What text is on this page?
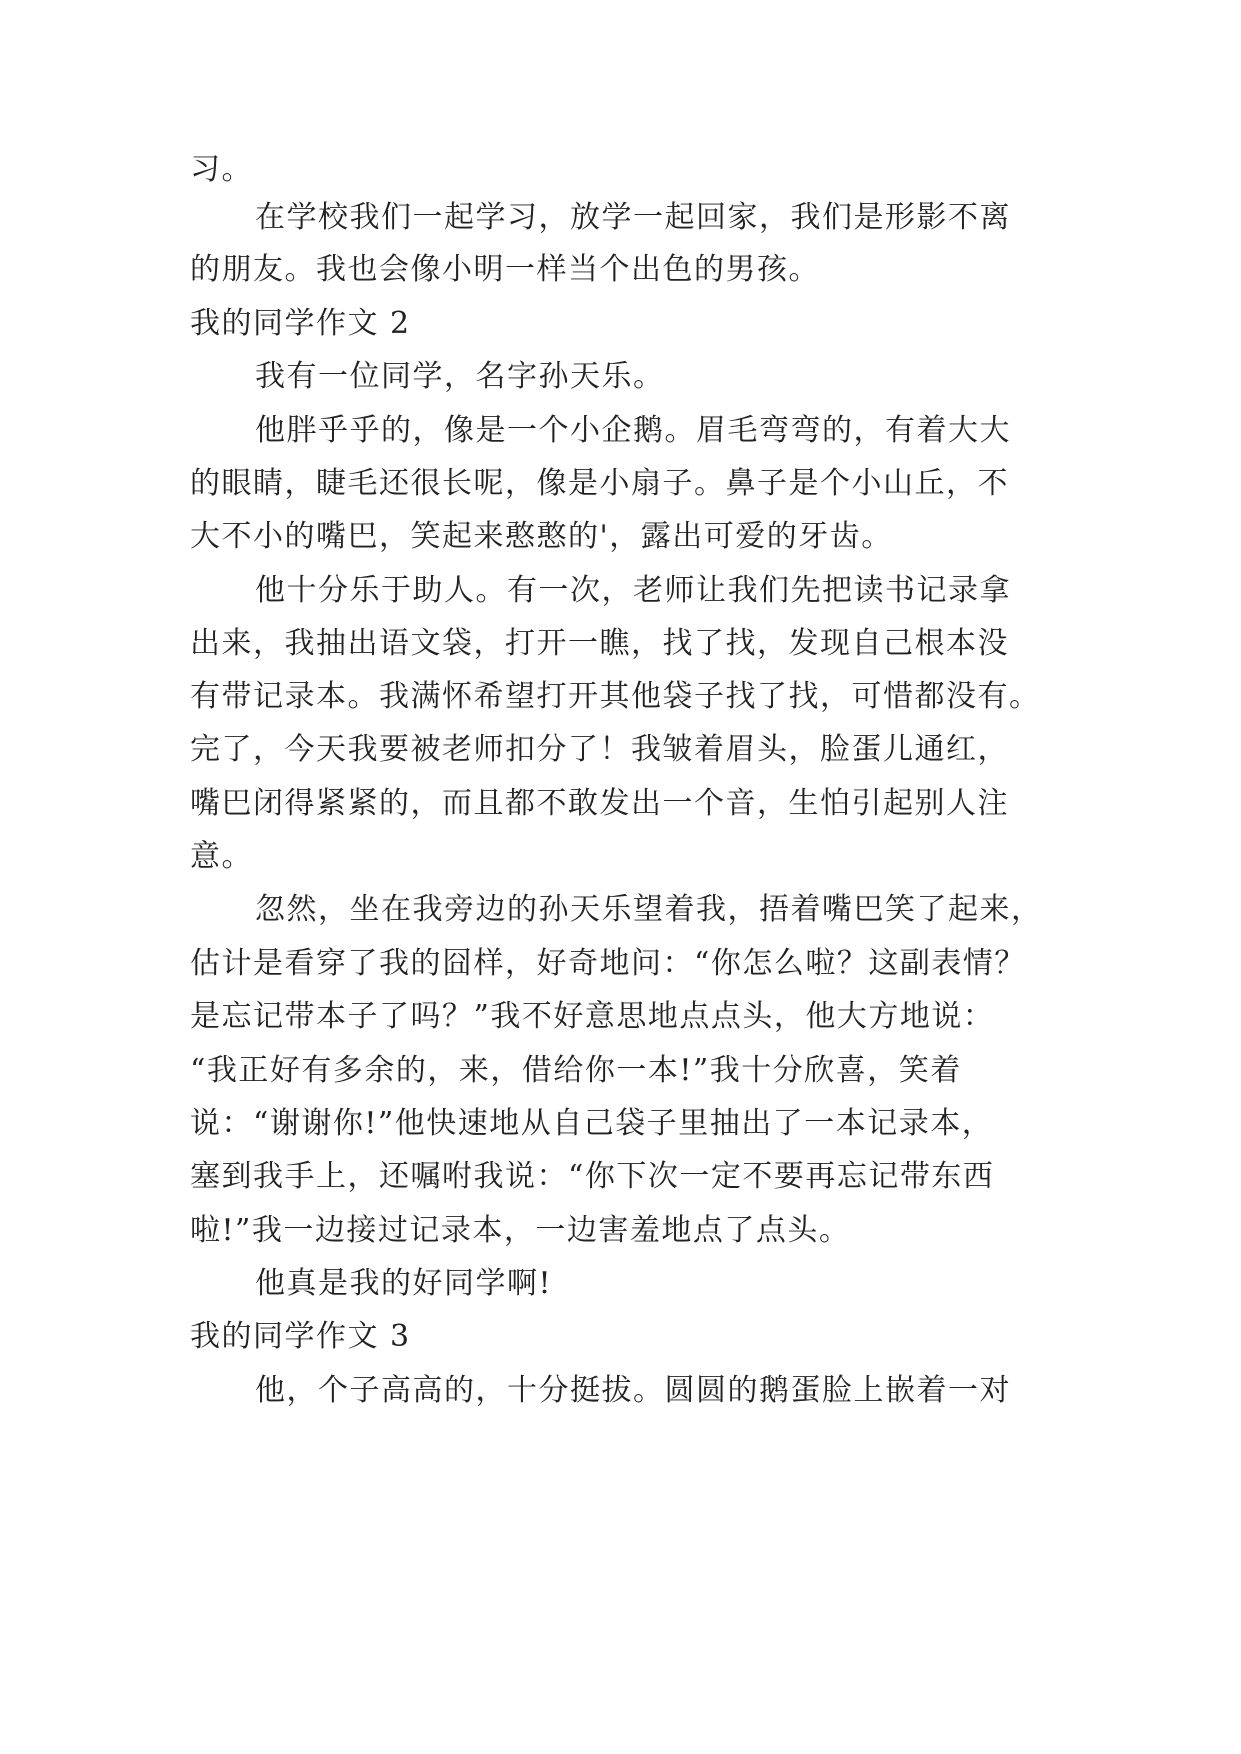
习。

在学校我们一起学习，放学一起回家，我们是形影不离

的朋友。我也会像小明一样当个出色的男孩。

我的同学作文 2

我有一位同学，名字孙天乐。

他胖乎乎的，像是一个小企鹅。眉毛弯弯的，有着大大

的眼睛，睫毛还很长呢，像是小扇子。鼻子是个小山丘，不

大不小的嘴巴，笑起来憨憨的'，露出可爱的牙齿。

他十分乐于助人。有一次，老师让我们先把读书记录拿

出来，我抽出语文袋，打开一瞧，找了找，发现自己根本没

有带记录本。我满怀希望打开其他袋子找了找，可惜都没有。

完了，今天我要被老师扣分了！我皱着眉头，脸蛋儿通红，

嘴巴闭得紧紧的，而且都不敢发出一个音，生怕引起别人注

意。

忽然，坐在我旁边的孙天乐望着我，捂着嘴巴笑了起来，

估计是看穿了我的囧样，好奇地问：“你怎么啦？这副表情？

是忘记带本子了吗？”我不好意思地点点头，他大方地说：

“我正好有多余的，来，借给你一本!”我十分欣喜，笑着

说：“谢谢你!”他快速地从自己袋子里抽出了一本记录本，

塞到我手上，还嘱咐我说：“你下次一定不要再忘记带东西

啦!”我一边接过记录本，一边害羞地点了点头。

他真是我的好同学啊!

我的同学作文 3

他，个子高高的，十分挺拔。圆圆的鹅蛋脸上嵌着一对
